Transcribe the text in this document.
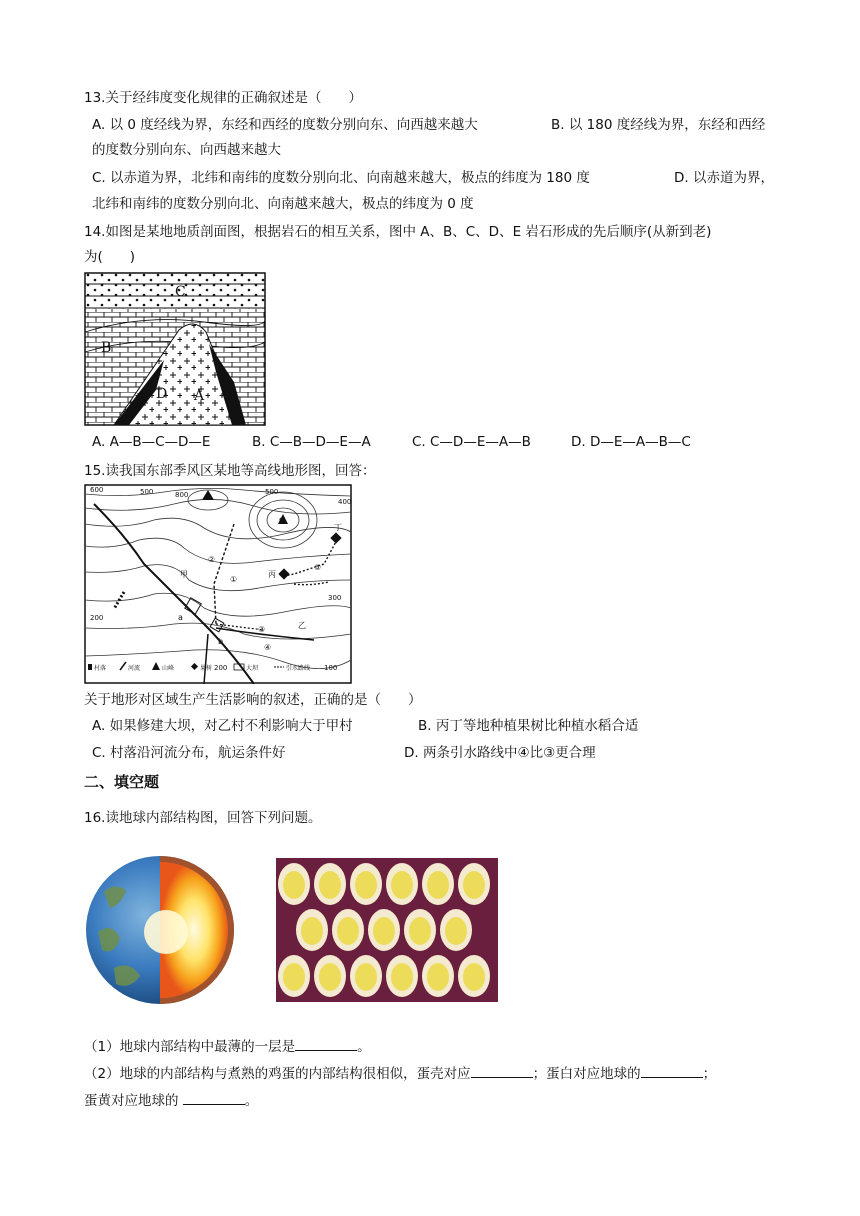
13.关于经纬度变化规律的正确叙述是（　　）
A. 以 0 度经线为界，东经和西经的度数分别向东、向西越来越大	B. 以 180 度经线为界，东经和西经
的度数分别向东、向西越来越大
C. 以赤道为界，北纬和南纬的度数分别向北、向南越来越大，极点的纬度为 180 度	D. 以赤道为界，
北纬和南纬的度数分别向北、向南越来越大，极点的纬度为 0 度
14.如图是某地地质剖面图，根据岩石的相互关系，图中 A、B、C、D、E 岩石形成的先后顺序(从新到老)
为(　　)
C
B
D A
E
A. A—B—C—D—E	B. C—B—D—E—A	C. C—D—E—A—B	D. D—E—A—B—C
15.读我国东部季风区某地等高线地形图，回答：
600	500	800	500
400
300
200
200	100
甲	丙
丁
乙
a
b
c
①
②
③
④
⑤
村落	河流	山峰	果树	大坝	引水路线
关于地形对区域生产生活影响的叙述，正确的是（　　）
A. 如果修建大坝，对乙村不利影响大于甲村	B. 丙丁等地种植果树比种植水稻合适
C. 村落沿河流分布，航运条件好	D. 两条引水路线中④比③更合理
二、填空题
16.读地球内部结构图，回答下列问题。
（1）地球内部结构中最薄的一层是	。
（2）地球的内部结构与煮熟的鸡蛋的内部结构很相似，蛋壳对应	；蛋白对应地球的	；
蛋黄对应地球的	。
